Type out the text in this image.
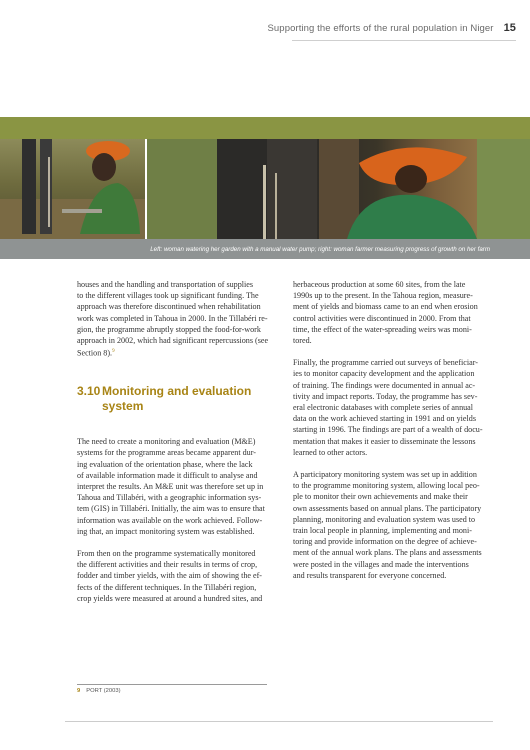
Supporting the efforts of the rural population in Niger 15
Left: woman watering her garden with a manual water pump; right: woman farmer measuring progress of growth on her farm

houses and the handling and transportation of supplies
to the different villages took up significant funding. The
approach was therefore discontinued when rehabilitation
work was completed in Tahoua in 2000. In the Tillabéri re-
gion, the programme abruptly stopped the food-for-work
approach in 2002, which had significant repercussions (see
Section 8).$^9$

3.10 Monitoring and evaluation system

The need to create a monitoring and evaluation (M&E)
systems for the programme areas became apparent dur-
ing evaluation of the orientation phase, where the lack
of available information made it difficult to analyse and
interpret the results. An M&E unit was therefore set up in
Tahoua and Tillabéri, with a geographic information sys-
tem (GIS) in Tillabéri. Initially, the aim was to ensure that
information was available on the work achieved. Follow-
ing that, an impact monitoring system was established.

From then on the programme systematically monitored
the different activities and their results in terms of crop,
fodder and timber yields, with the aim of showing the ef-
fects of the different techniques. In the Tillabéri region,
crop yields were measured at around a hundred sites, and

herbaceous production at some 60 sites, from the late
1990s up to the present. In the Tahoua region, measure-
ment of yields and biomass came to an end when erosion
control activities were discontinued in 2000. From that
time, the effect of the water-spreading weirs was moni-
tored.

Finally, the programme carried out surveys of beneficiar-
ies to monitor capacity development and the application
of training. The findings were documented in annual ac-
tivity and impact reports. Today, the programme has sev-
eral electronic databases with complete series of annual
data on the work achieved starting in 1991 and on yields
starting in 1996. The findings are part of a wealth of docu-
mentation that makes it easier to disseminate the lessons
learned to other actors.

A participatory monitoring system was set up in addition
to the programme monitoring system, allowing local peo-
ple to monitor their own achievements and make their
own assessments based on annual plans. The participatory
planning, monitoring and evaluation system was used to
train local people in planning, implementing and moni-
toring and provide information on the degree of achieve-
ment of the annual work plans. The plans and assessments
were posted in the villages and made the interventions
and results transparent for everyone concerned.

9 PORT (2003)
